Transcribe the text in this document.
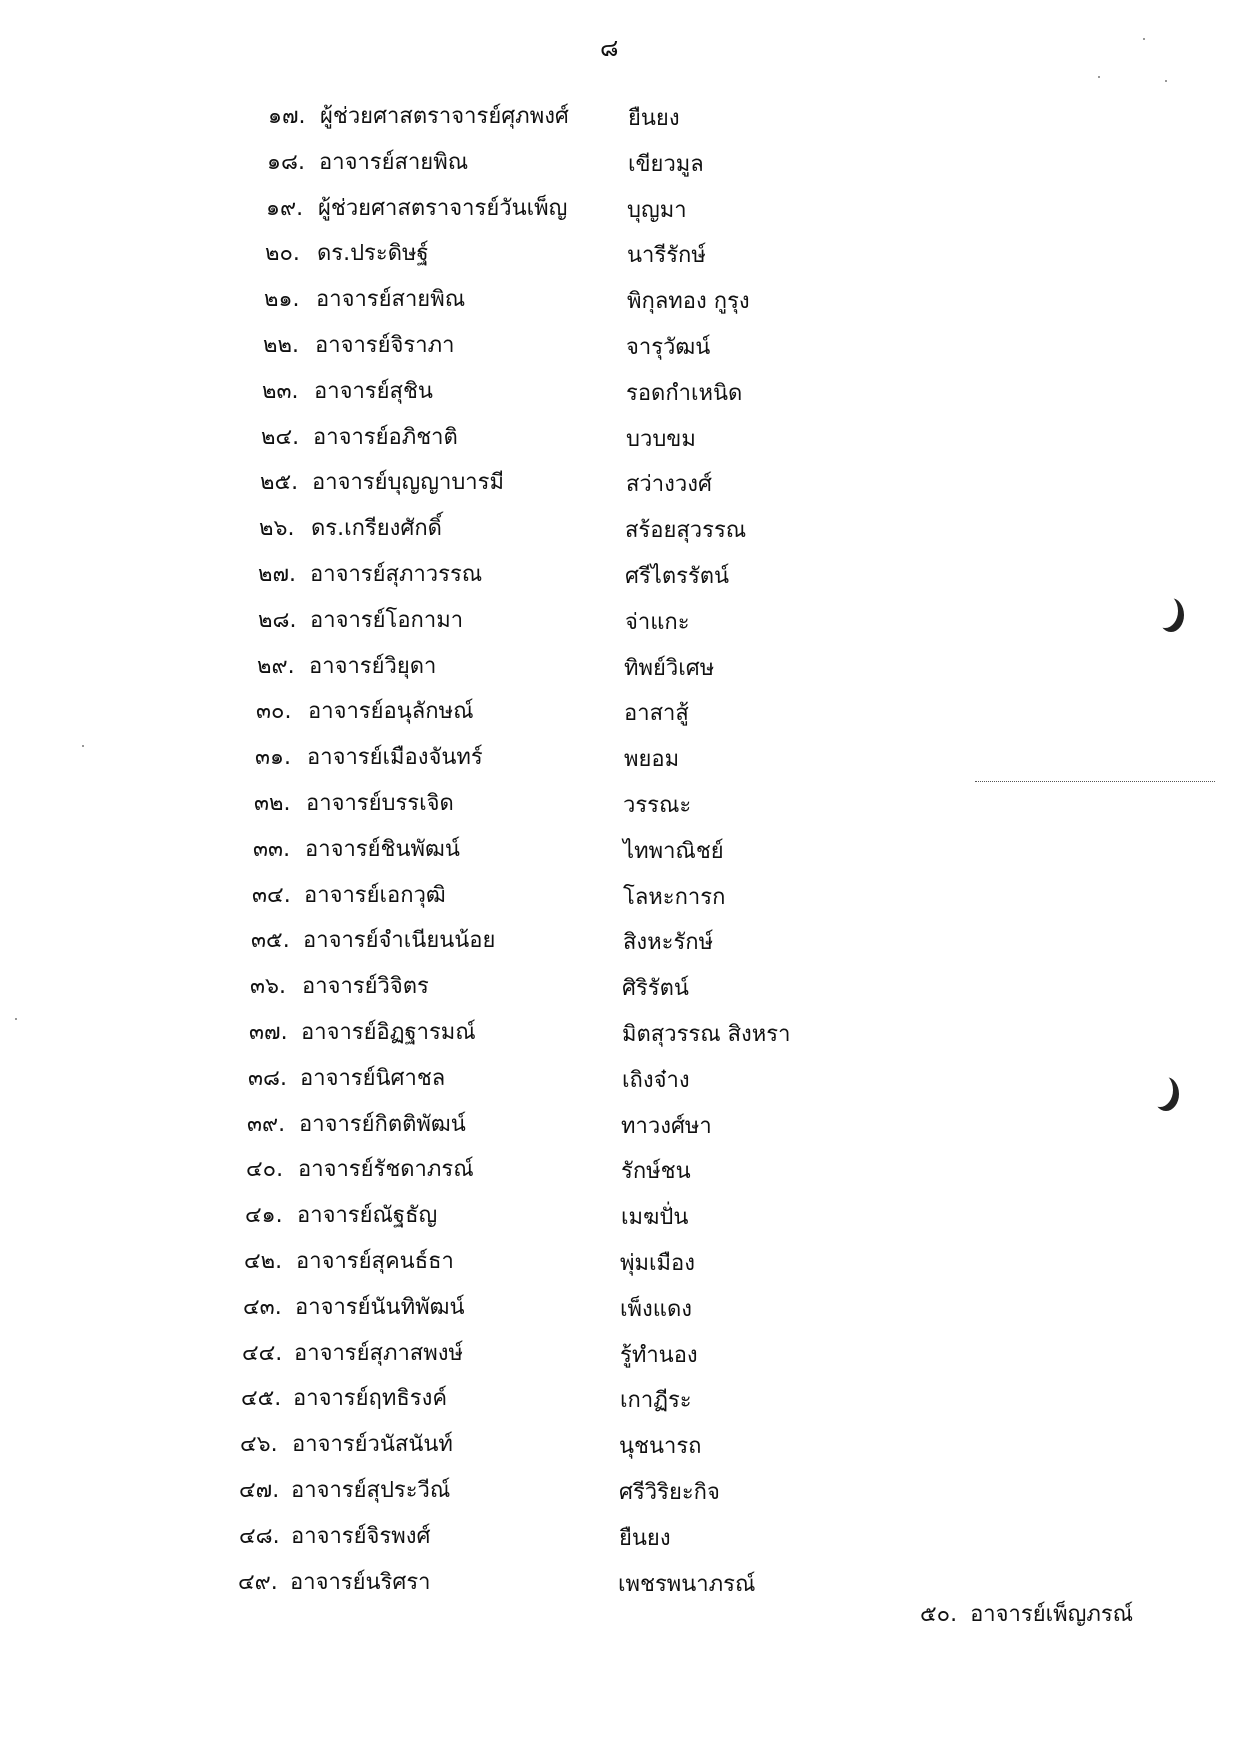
๘
๑๗. ผู้ช่วยศาสตราจารย์ศุภพงศ์	ยืนยง
๑๘. อาจารย์สายพิณ	เขียวมูล
๑๙. ผู้ช่วยศาสตราจารย์วันเพ็ญ	บุญมา
๒๐. ดร.ประดิษฐ์	นารีรักษ์
๒๑. อาจารย์สายพิณ	พิกุลทอง กูรุง
๒๒. อาจารย์จิราภา	จารุวัฒน์
๒๓. อาจารย์สุชิน	รอดกำเหนิด
๒๔. อาจารย์อภิชาติ	บวบขม
๒๕. อาจารย์บุญญาบารมี	สว่างวงศ์
๒๖. ดร.เกรียงศักดิ์	สร้อยสุวรรณ
๒๗. อาจารย์สุภาวรรณ	ศรีไตรรัตน์
๒๘. อาจารย์โอกามา	จ่าแกะ
๒๙. อาจารย์วิยุดา	ทิพย์วิเศษ
๓๐. อาจารย์อนุลักษณ์	อาสาสู้
๓๑. อาจารย์เมืองจันทร์	พยอม
๓๒. อาจารย์บรรเจิด	วรรณะ
๓๓. อาจารย์ชินพัฒน์	ไทพาณิชย์
๓๔. อาจารย์เอกวุฒิ	โลหะการก
๓๕. อาจารย์จำเนียนน้อย	สิงหะรักษ์
๓๖. อาจารย์วิจิตร	ศิริรัตน์
๓๗. อาจารย์อิฏฐารมณ์	มิตสุวรรณ สิงหรา
๓๘. อาจารย์นิศาชล	เถิงจ๋าง
๓๙. อาจารย์กิตติพัฒน์	ทาวงศ์ษา
๔๐. อาจารย์รัชดาภรณ์	รักษ์ชน
๔๑. อาจารย์ณัฐธัญ	เมฆปั่น
๔๒. อาจารย์สุคนธ์ธา	พุ่มเมือง
๔๓. อาจารย์นันทิพัฒน์	เพ็งแดง
๔๔. อาจารย์สุภาสพงษ์	รู้ทำนอง
๔๕. อาจารย์ฤทธิรงค์	เกาฏีระ
๔๖. อาจารย์วนัสนันท์	นุชนารถ
๔๗. อาจารย์สุประวีณ์	ศรีวิริยะกิจ
๔๘. อาจารย์จิรพงศ์	ยืนยง
๔๙. อาจารย์นริศรา	เพชรพนาภรณ์
๕๐. อาจารย์เพ็ญภรณ์
